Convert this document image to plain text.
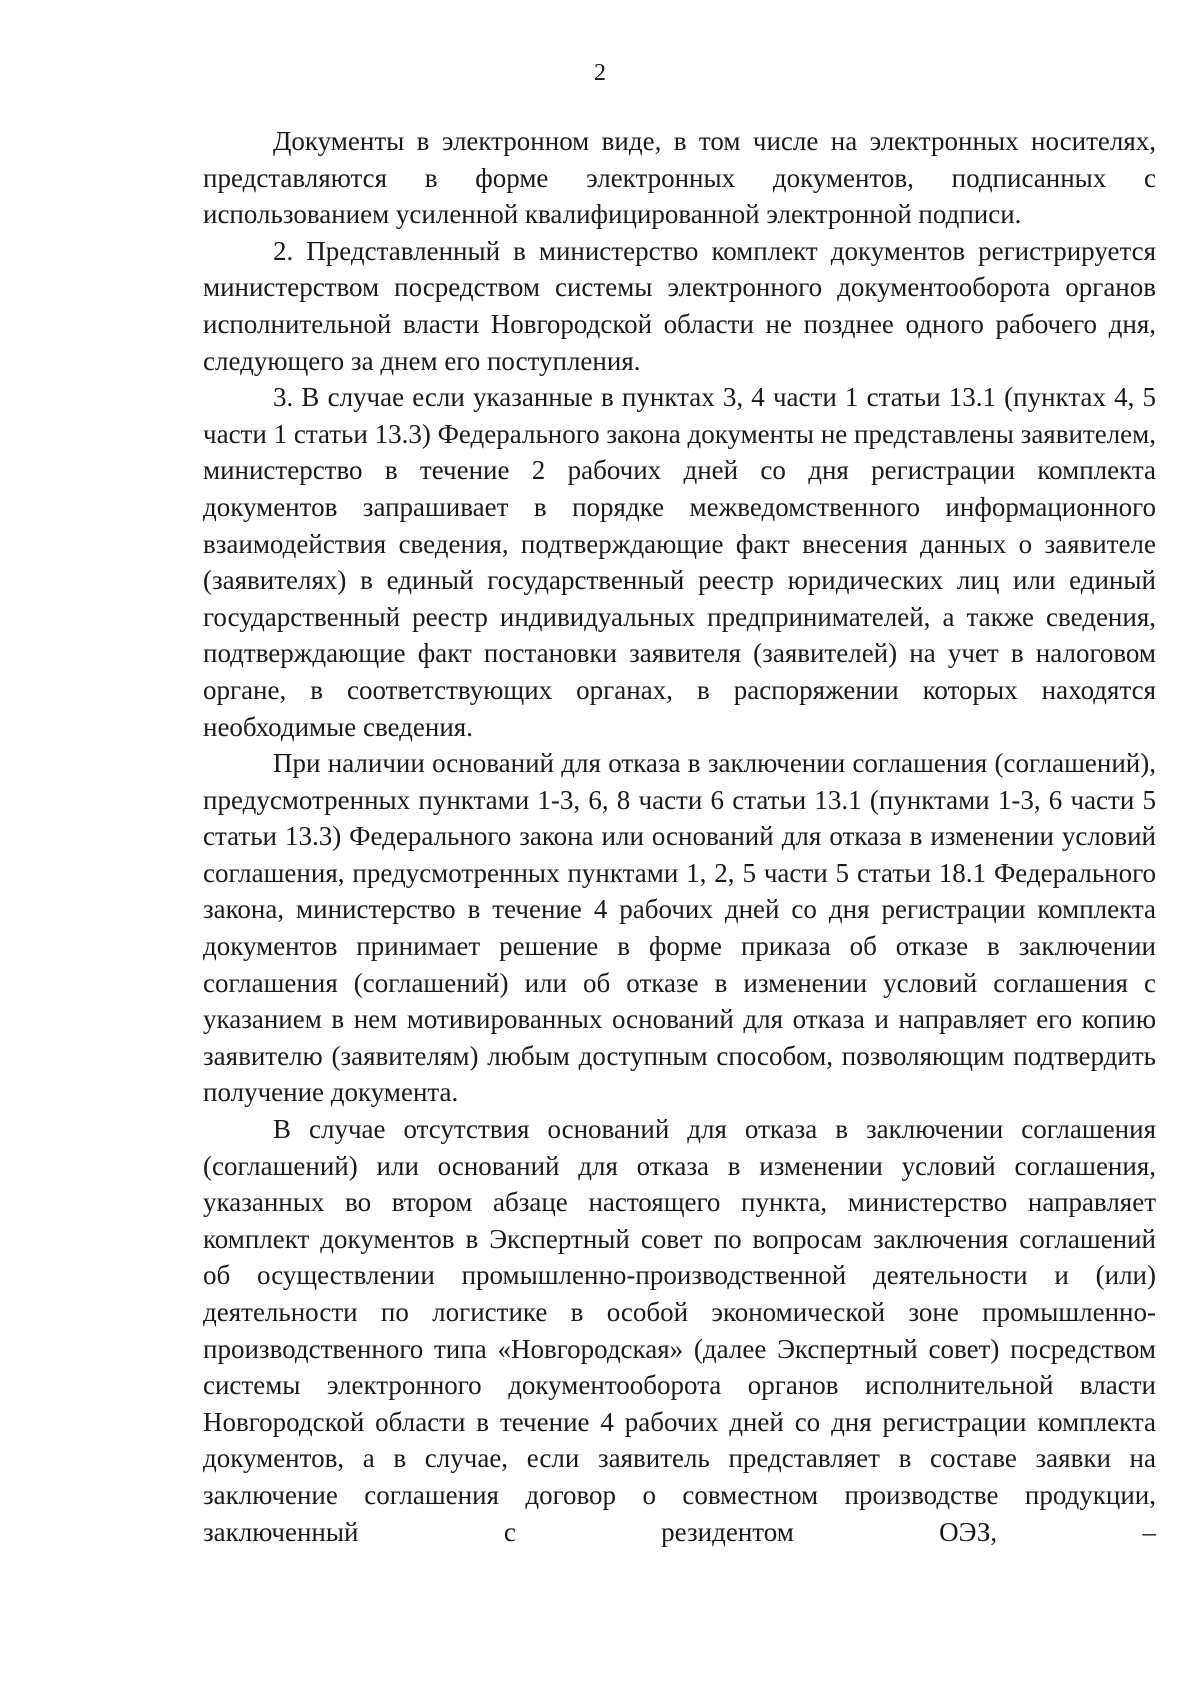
2

Документы в электронном виде, в том числе на электронных носителях, представляются в форме электронных документов, подписанных с использованием усиленной квалифицированной электронной подписи.

2. Представленный в министерство комплект документов регистрируется министерством посредством системы электронного документооборота органов исполнительной власти Новгородской области не позднее одного рабочего дня, следующего за днем его поступления.

3. В случае если указанные в пунктах 3, 4 части 1 статьи 13.1 (пунктах 4, 5 части 1 статьи 13.3) Федерального закона документы не представлены заявителем, министерство в течение 2 рабочих дней со дня регистрации комплекта документов запрашивает в порядке межведомственного информационного взаимодействия сведения, подтверждающие факт внесения данных о заявителе (заявителях) в единый государственный реестр юридических лиц или единый государственный реестр индивидуальных предпринимателей, а также сведения, подтверждающие факт постановки заявителя (заявителей) на учет в налоговом органе, в соответствующих органах, в распоряжении которых находятся необходимые сведения.

При наличии оснований для отказа в заключении соглашения (соглашений), предусмотренных пунктами 1-3, 6, 8 части 6 статьи 13.1 (пунктами 1-3, 6 части 5 статьи 13.3) Федерального закона или оснований для отказа в изменении условий соглашения, предусмотренных пунктами 1, 2, 5 части 5 статьи 18.1 Федерального закона, министерство в течение 4 рабочих дней со дня регистрации комплекта документов принимает решение в форме приказа об отказе в заключении соглашения (соглашений) или об отказе в изменении условий соглашения с указанием в нем мотивированных оснований для отказа и направляет его копию заявителю (заявителям) любым доступным способом, позволяющим подтвердить получение документа.

В случае отсутствия оснований для отказа в заключении соглашения (соглашений) или оснований для отказа в изменении условий соглашения, указанных во втором абзаце настоящего пункта, министерство направляет комплект документов в Экспертный совет по вопросам заключения соглашений об осуществлении промышленно-производственной деятельности и (или) деятельности по логистике в особой экономической зоне промышленно-производственного типа «Новгородская» (далее Экспертный совет) посредством системы электронного документооборота органов исполнительной власти Новгородской области в течение 4 рабочих дней со дня регистрации комплекта документов, а в случае, если заявитель представляет в составе заявки на заключение соглашения договор о совместном производстве продукции, заключенный с резидентом ОЭЗ, –
